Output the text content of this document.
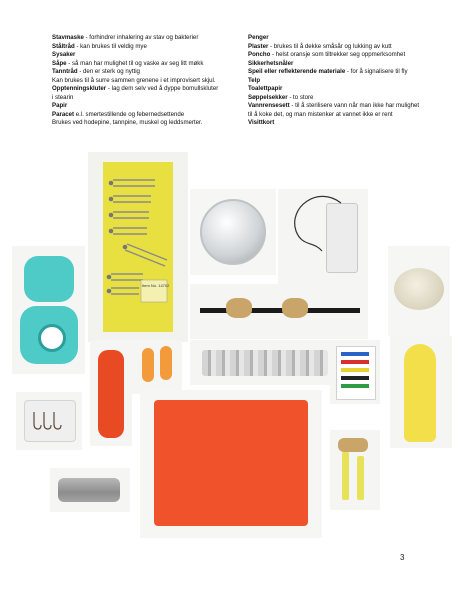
Stavmaske - forhindrer inhalering av stav og bakterier
Ståltråd - kan brukes til veldig mye
Sysaker
Såpe - så man har mulighet til og vaske av seg litt møkk
Tanntråd - den er sterk og nyttig
Kan brukes til å surre sammen grenene i et improvisert skjul.
Opptenningskluter - lag dem selv ved å dyppe bomullskluter
i stearin
Papir
Paracet e.l. smertestillende og febernedsettende
Brukes ved hodepine, tannpine, muskel og leddsmerter.
Penger
Plaster - brukes til å dekke småsår og lukking av kutt
Poncho - helst oransje som tiltrekker seg oppmerksomhet
Sikkerhetsnåler
Speil eller reflekterende materiale - for å signalisere til fly
Telp
Toalettpapir
Søppelsekker - to store
Vannrensesett - til å sterilisere vann når man ikke har mulighet
til å koke det, og man mistenker at vannet ikke er rent
Visittkort
Item No. 14702
3
